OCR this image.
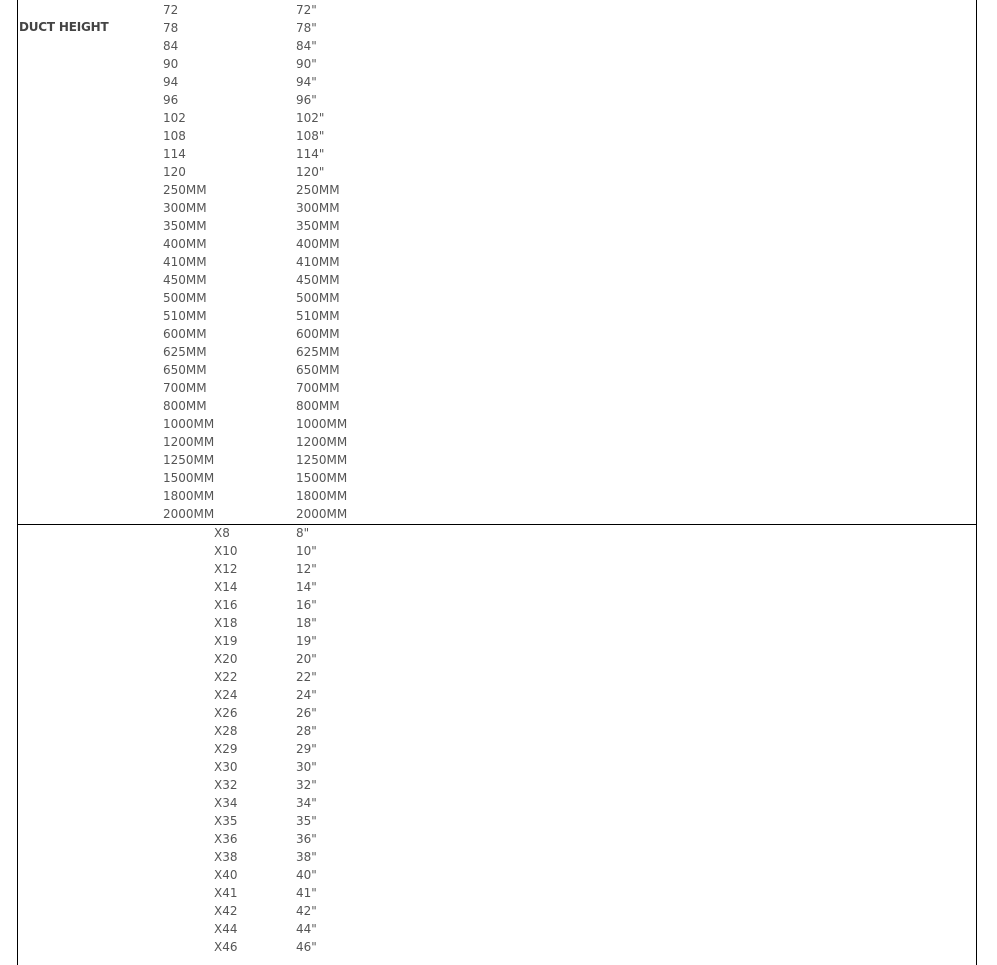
DUCT HEIGHT
72	72"
78	78"
84	84"
90	90"
94	94"
96	96"
102	102"
108	108"
114	114"
120	120"
250MM	250MM
300MM	300MM
350MM	350MM
400MM	400MM
410MM	410MM
450MM	450MM
500MM	500MM
510MM	510MM
600MM	600MM
625MM	625MM
650MM	650MM
700MM	700MM
800MM	800MM
1000MM	1000MM
1200MM	1200MM
1250MM	1250MM
1500MM	1500MM
1800MM	1800MM
2000MM	2000MM
X8	8"
X10	10"
X12	12"
X14	14"
X16	16"
X18	18"
X19	19"
X20	20"
X22	22"
X24	24"
X26	26"
X28	28"
X29	29"
X30	30"
X32	32"
X34	34"
X35	35"
X36	36"
X38	38"
X40	40"
X41	41"
X42	42"
X44	44"
X46	46"
